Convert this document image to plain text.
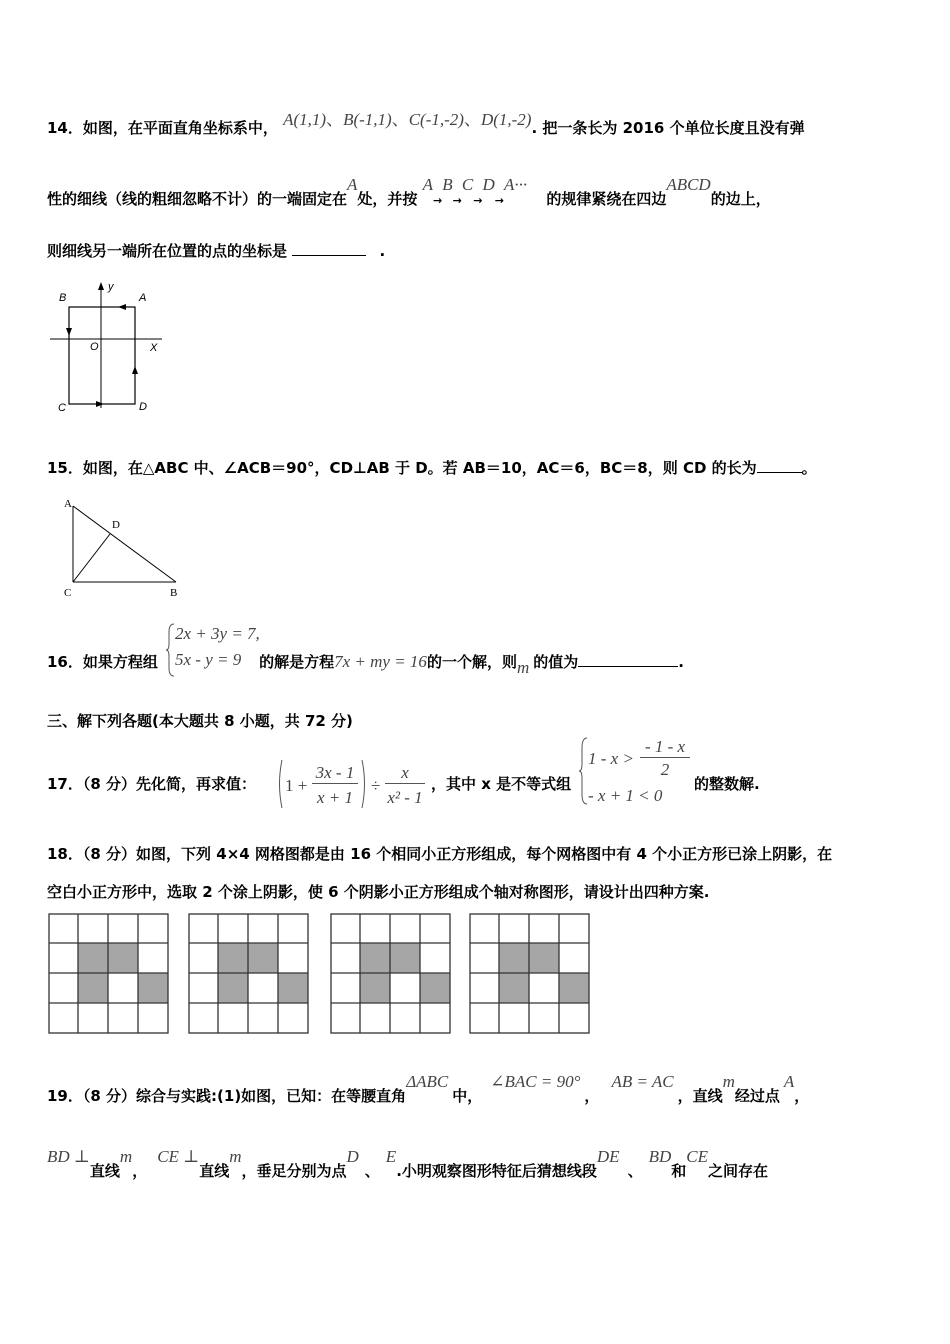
14．如图，在平面直角坐标系中， A(1,1)、B(-1,1)、C(-1,-2)、D(1,-2). 把一条长为 2016 个单位长度且没有弹
性的细线（线的粗细忽略不计）的一端固定在A处，并按 A→B→C→D→A··· 的规律紧绕在四边ABCD的边上，
则细线另一端所在位置的点的坐标是	.
B	A
y
O	X
C	D
15．如图，在△ABC 中、∠ACB＝90°，CD⊥AB 于 D。若 AB＝10，AC＝6，BC＝8，则 CD 的长为	。
A
D
C	B
2x + 3y = 7,
5x - y = 9
16．如果方程组	的解是方程7x + my = 16的一个解，则m 的值为	.
三、解下列各题(本大题共 8 小题，共 72 分)
17．（8 分）先化简，再求值： 1 +
3x - 1
x + 1
÷
x
x² - 1
，其中 x 是不等式组
1 - x >
- 1 - x
2
- x + 1 < 0
的整数解.
18．（8 分）如图，下列 4×4 网格图都是由 16 个相同小正方形组成，每个网格图中有 4 个小正方形已涂上阴影，在
空白小正方形中，选取 2 个涂上阴影，使 6 个阴影小正方形组成个轴对称图形，请设计出四种方案.
19．（8 分）综合与实践:(1)如图，已知：在等腰直角ΔABC中，∠BAC = 90°，AB = AC，直线m经过点A，
BD ⊥直线m，CE ⊥直线m，垂足分别为点D、E.小明观察图形特征后猜想线段DE、BD和CE之间存在
